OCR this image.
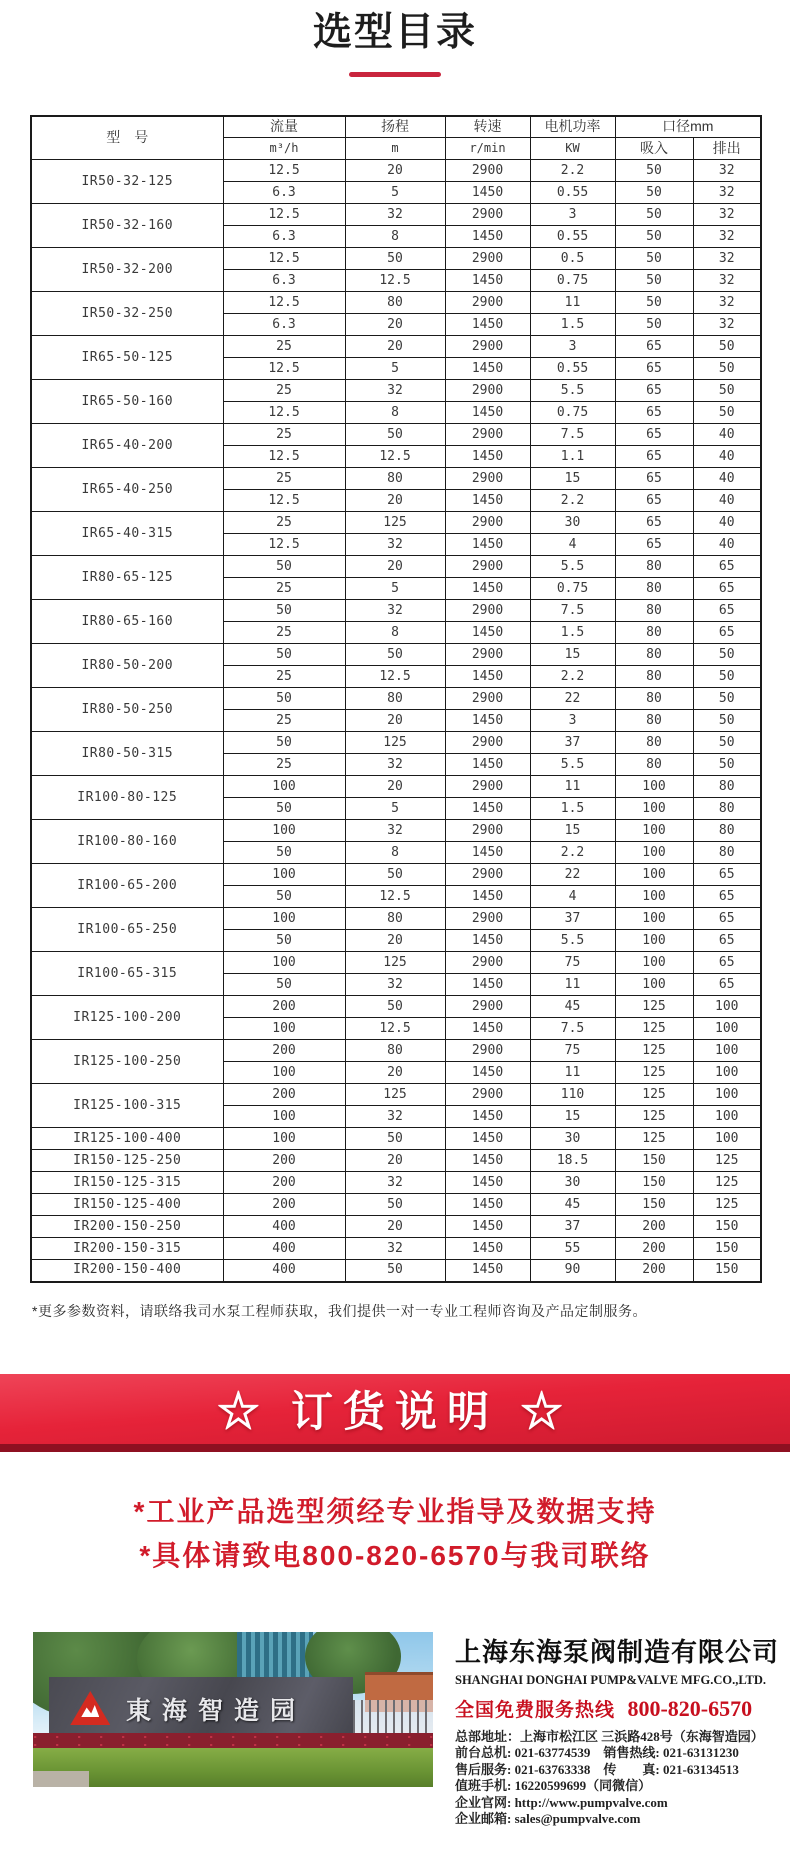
选型目录
型　号	流量	扬程	转速	电机功率	口径mm	
	m³/h	m	r/min	KW	吸入	排出
IR50-32-125	12.5	20	2900	2.2	50	32
	6.3	5	1450	0.55	50	32
IR50-32-160	12.5	32	2900	3	50	32
	6.3	8	1450	0.55	50	32
IR50-32-200	12.5	50	2900	0.5	50	32
	6.3	12.5	1450	0.75	50	32
IR50-32-250	12.5	80	2900	11	50	32
	6.3	20	1450	1.5	50	32
IR65-50-125	25	20	2900	3	65	50
	12.5	5	1450	0.55	65	50
IR65-50-160	25	32	2900	5.5	65	50
	12.5	8	1450	0.75	65	50
IR65-40-200	25	50	2900	7.5	65	40
	12.5	12.5	1450	1.1	65	40
IR65-40-250	25	80	2900	15	65	40
	12.5	20	1450	2.2	65	40
IR65-40-315	25	125	2900	30	65	40
	12.5	32	1450	4	65	40
IR80-65-125	50	20	2900	5.5	80	65
	25	5	1450	0.75	80	65
IR80-65-160	50	32	2900	7.5	80	65
	25	8	1450	1.5	80	65
IR80-50-200	50	50	2900	15	80	50
	25	12.5	1450	2.2	80	50
IR80-50-250	50	80	2900	22	80	50
	25	20	1450	3	80	50
IR80-50-315	50	125	2900	37	80	50
	25	32	1450	5.5	80	50
IR100-80-125	100	20	2900	11	100	80
	50	5	1450	1.5	100	80
IR100-80-160	100	32	2900	15	100	80
	50	8	1450	2.2	100	80
IR100-65-200	100	50	2900	22	100	65
	50	12.5	1450	4	100	65
IR100-65-250	100	80	2900	37	100	65
	50	20	1450	5.5	100	65
IR100-65-315	100	125	2900	75	100	65
	50	32	1450	11	100	65
IR125-100-200	200	50	2900	45	125	100
	100	12.5	1450	7.5	125	100
IR125-100-250	200	80	2900	75	125	100
	100	20	1450	11	125	100
IR125-100-315	200	125	2900	110	125	100
	100	32	1450	15	125	100
IR125-100-400	100	50	1450	30	125	100
IR150-125-250	200	20	1450	18.5	150	125
IR150-125-315	200	32	1450	30	150	125
IR150-125-400	200	50	1450	45	150	125
IR200-150-250	400	20	1450	37	200	150
IR200-150-315	400	32	1450	55	200	150
IR200-150-400	400	50	1450	90	200	150

*更多参数资料，请联络我司水泵工程师获取，我们提供一对一专业工程师咨询及产品定制服务。

☆ 订货说明 ☆
*工业产品选型须经专业指导及数据支持
*具体请致电800-820-6570与我司联络
東海智造园
上海东海泵阀制造有限公司
SHANGHAI DONGHAI PUMP&VALVE MFG.CO.,LTD.
全国免费服务热线 800-820-6570
总部地址：上海市松江区 三浜路428号（东海智造园）
前台总机: 021-63774539　销售热线: 021-63131230
售后服务: 021-63763338　传　　真: 021-63134513
值班手机: 16220599699（同微信）
企业官网: http://www.pumpvalve.com
企业邮箱: sales@pumpvalve.com
